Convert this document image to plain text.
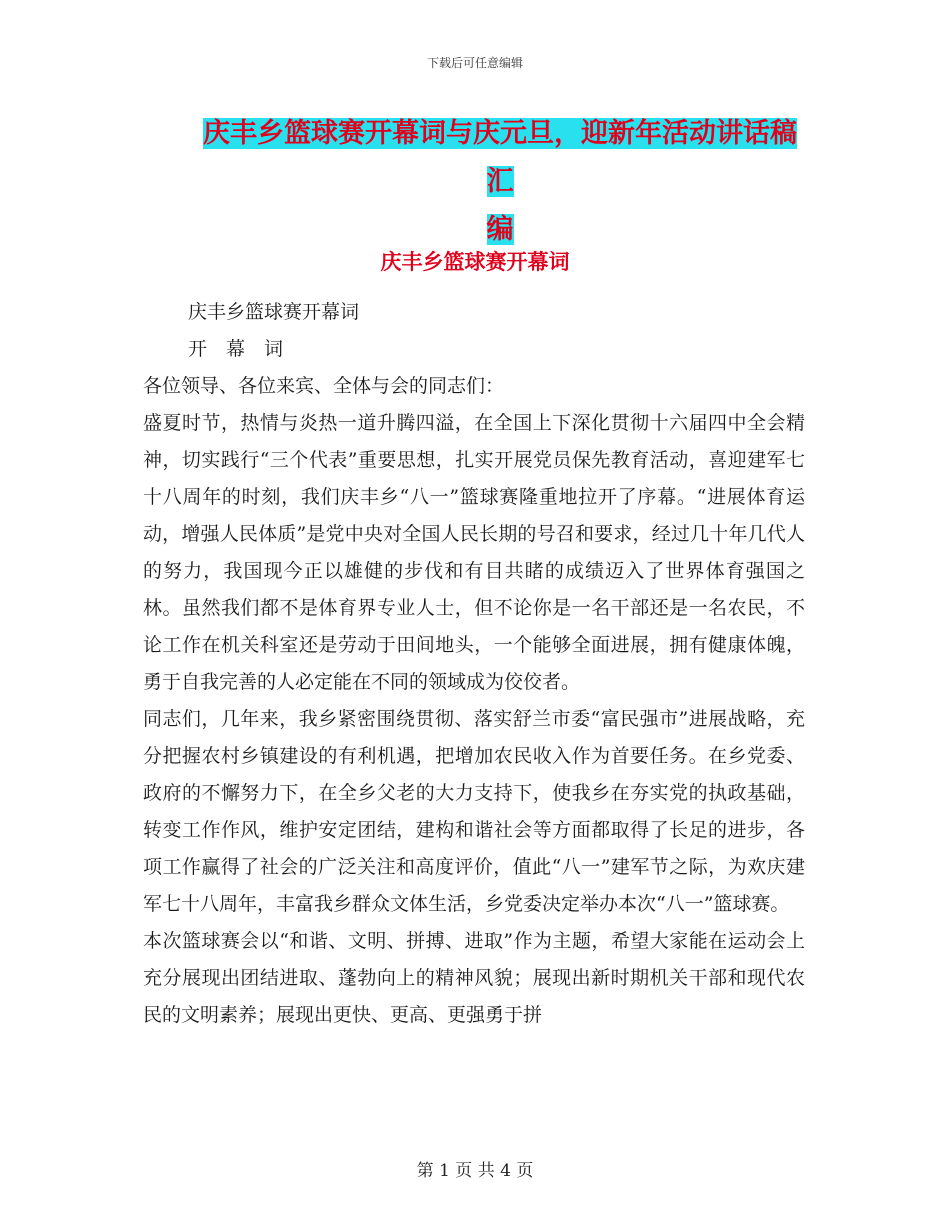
下载后可任意编辑
庆丰乡篮球赛开幕词与庆元旦，迎新年活动讲话稿汇
编
庆丰乡篮球赛开幕词

庆丰乡篮球赛开幕词

开　幕　词

各位领导、各位来宾、全体与会的同志们：

盛夏时节，热情与炎热一道升腾四溢，在全国上下深化贯彻十六届四中全会精神，切实践行“三个代表”重要思想，扎实开展党员保先教育活动，喜迎建军七十八周年的时刻，我们庆丰乡“八一”篮球赛隆重地拉开了序幕。“进展体育运动，增强人民体质”是党中央对全国人民长期的号召和要求，经过几十年几代人的努力，我国现今正以雄健的步伐和有目共睹的成绩迈入了世界体育强国之林。虽然我们都不是体育界专业人士，但不论你是一名干部还是一名农民，不论工作在机关科室还是劳动于田间地头，一个能够全面进展，拥有健康体魄，勇于自我完善的人必定能在不同的领域成为佼佼者。

同志们，几年来，我乡紧密围绕贯彻、落实舒兰市委“富民强市”进展战略，充分把握农村乡镇建设的有利机遇，把增加农民收入作为首要任务。在乡党委、政府的不懈努力下，在全乡父老的大力支持下，使我乡在夯实党的执政基础，转变工作作风，维护安定团结，建构和谐社会等方面都取得了长足的进步，各项工作赢得了社会的广泛关注和高度评价，值此“八一”建军节之际，为欢庆建军七十八周年，丰富我乡群众文体生活，乡党委决定举办本次“八一”篮球赛。

本次篮球赛会以“和谐、文明、拼搏、进取”作为主题，希望大家能在运动会上充分展现出团结进取、蓬勃向上的精神风貌；展现出新时期机关干部和现代农民的文明素养；展现出更快、更高、更强勇于拼

第 1 页 共 4 页
